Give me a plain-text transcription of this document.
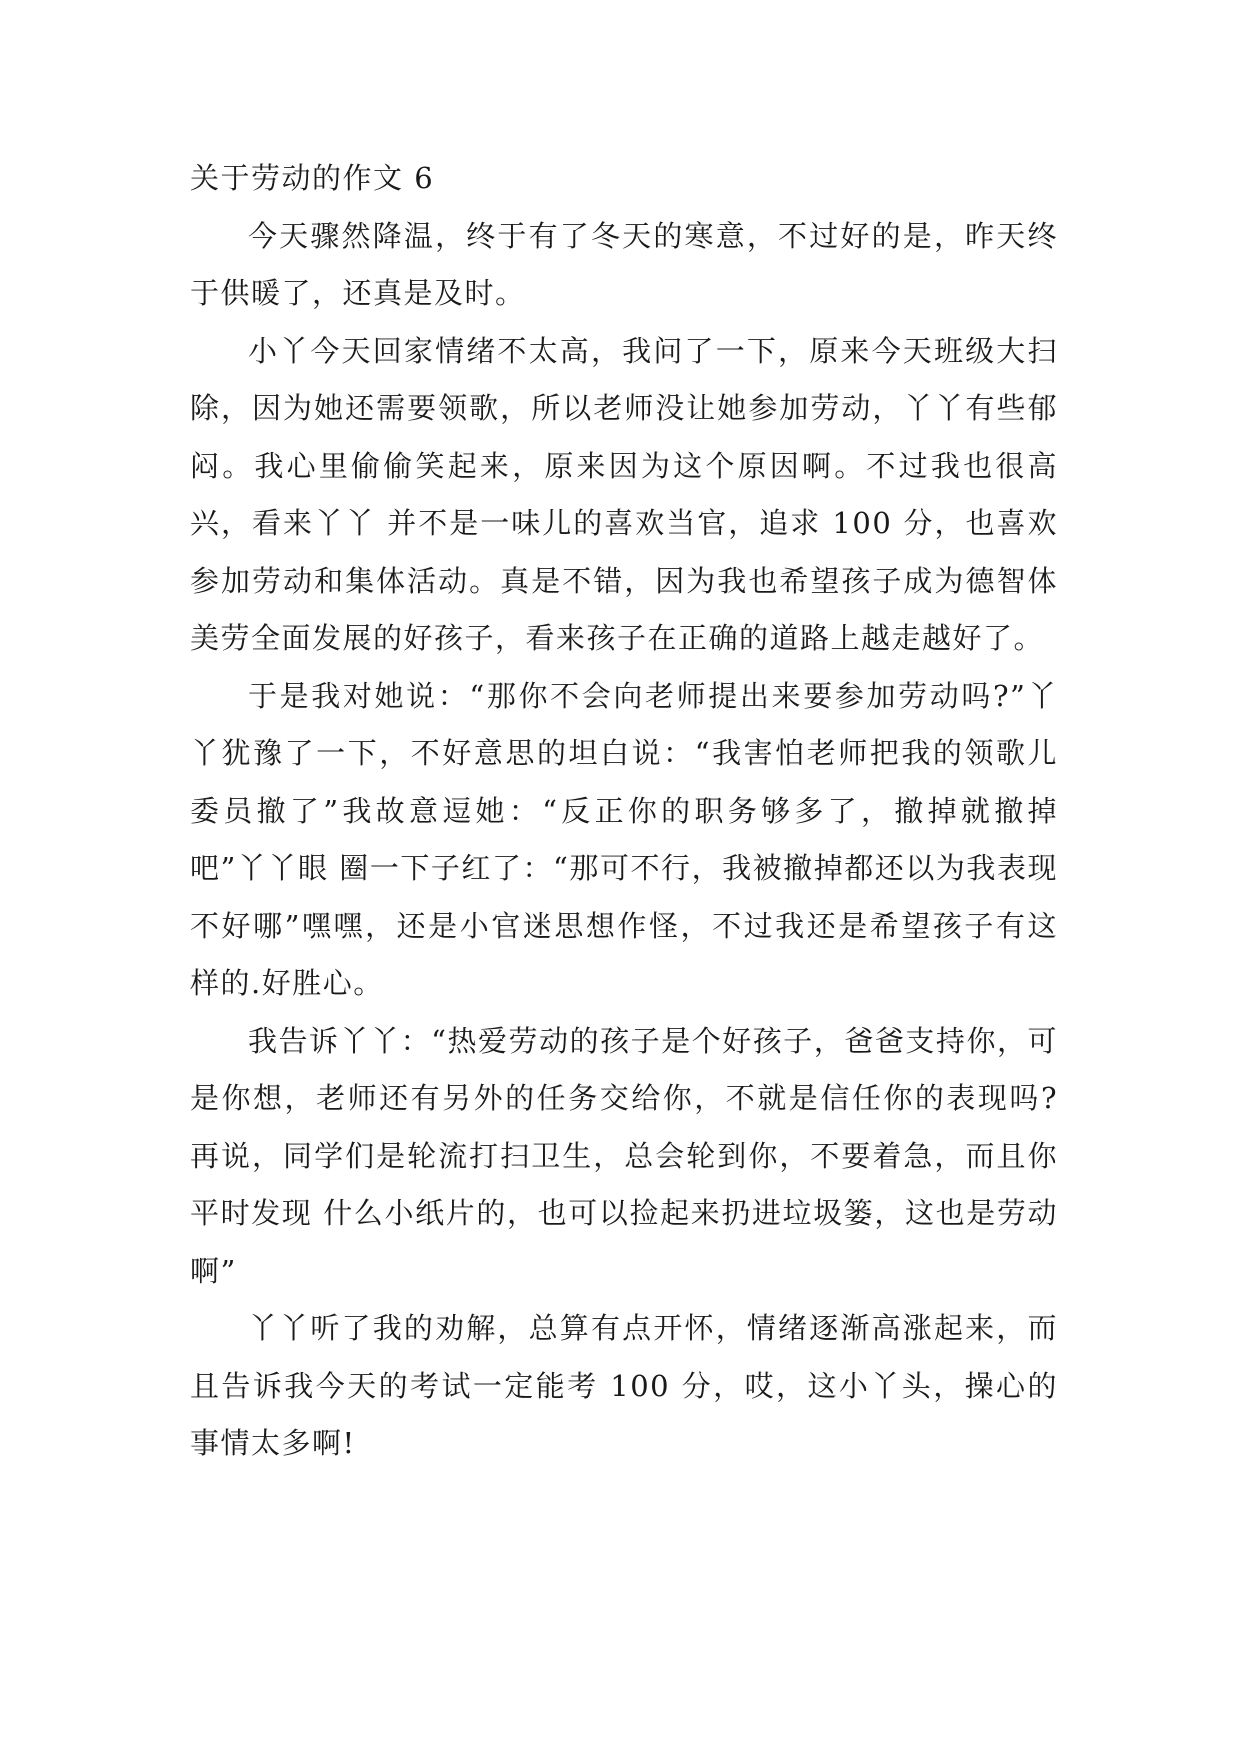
关于劳动的作文 6

今天骤然降温，终于有了冬天的寒意，不过好的是，昨天终于供暖了，还真是及时。

小丫今天回家情绪不太高，我问了一下，原来今天班级大扫除，因为她还需要领歌，所以老师没让她参加劳动，丫丫有些郁闷。我心里偷偷笑起来，原来因为这个原因啊。不过我也很高兴，看来丫丫 并不是一味儿的喜欢当官，追求 100 分，也喜欢参加劳动和集体活动。真是不错，因为我也希望孩子成为德智体美劳全面发展的好孩子，看来孩子在正确的道路上越走越好了。

于是我对她说：“那你不会向老师提出来要参加劳动吗?”丫丫犹豫了一下，不好意思的坦白说：“我害怕老师把我的领歌儿委员撤了”我故意逗她：“反正你的职务够多了，撤掉就撤掉吧”丫丫眼 圈一下子红了：“那可不行，我被撤掉都还以为我表现不好哪”嘿嘿，还是小官迷思想作怪，不过我还是希望孩子有这样的.好胜心。

我告诉丫丫：“热爱劳动的孩子是个好孩子，爸爸支持你，可是你想，老师还有另外的任务交给你，不就是信任你的表现吗?再说，同学们是轮流打扫卫生，总会轮到你，不要着急，而且你平时发现 什么小纸片的，也可以捡起来扔进垃圾篓，这也是劳动啊”

丫丫听了我的劝解，总算有点开怀，情绪逐渐高涨起来，而且告诉我今天的考试一定能考 100 分，哎，这小丫头，操心的事情太多啊!
